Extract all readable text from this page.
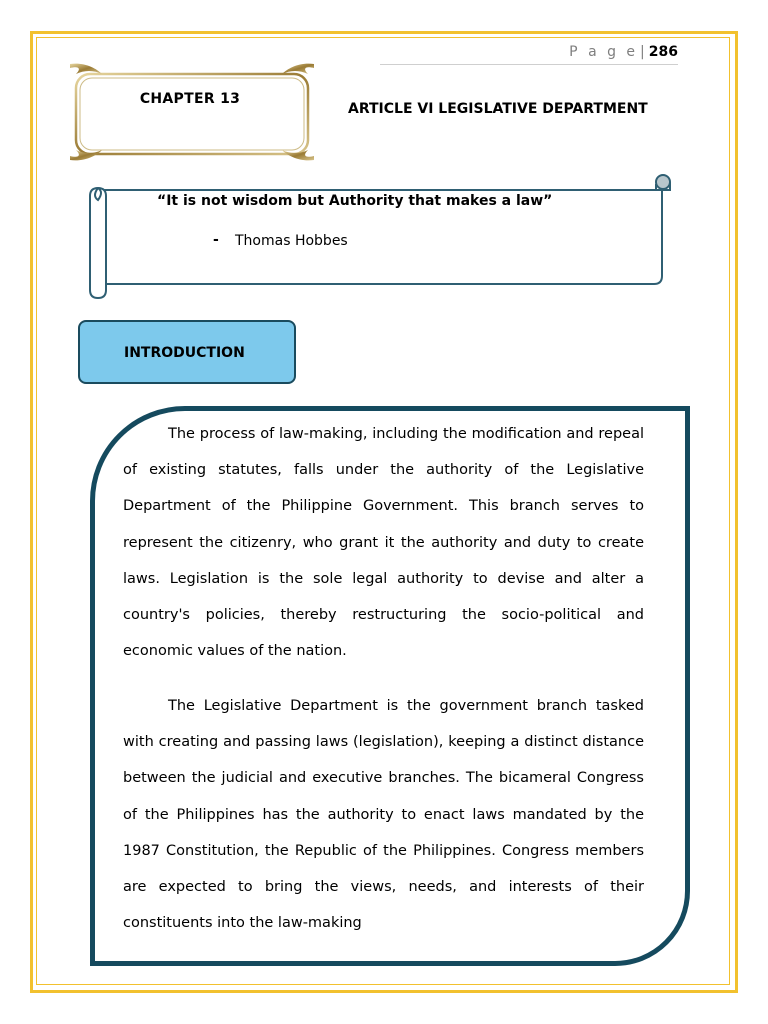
P a g e | 286
CHAPTER 13
ARTICLE VI LEGISLATIVE DEPARTMENT
“It is not wisdom but Authority that makes a law”
- Thomas Hobbes
INTRODUCTION

The process of law-making, including the modification and repeal of existing statutes, falls under the authority of the Legislative Department of the Philippine Government. This branch serves to represent the citizenry, who grant it the authority and duty to create laws. Legislation is the sole legal authority to devise and alter a country's policies, thereby restructuring the socio-political and economic values of the nation.

The Legislative Department is the government branch tasked with creating and passing laws (legislation), keeping a distinct distance between the judicial and executive branches. The bicameral Congress of the Philippines has the authority to enact laws mandated by the 1987 Constitution, the Republic of the Philippines. Congress members are expected to bring the views, needs, and interests of their constituents into the law-making
